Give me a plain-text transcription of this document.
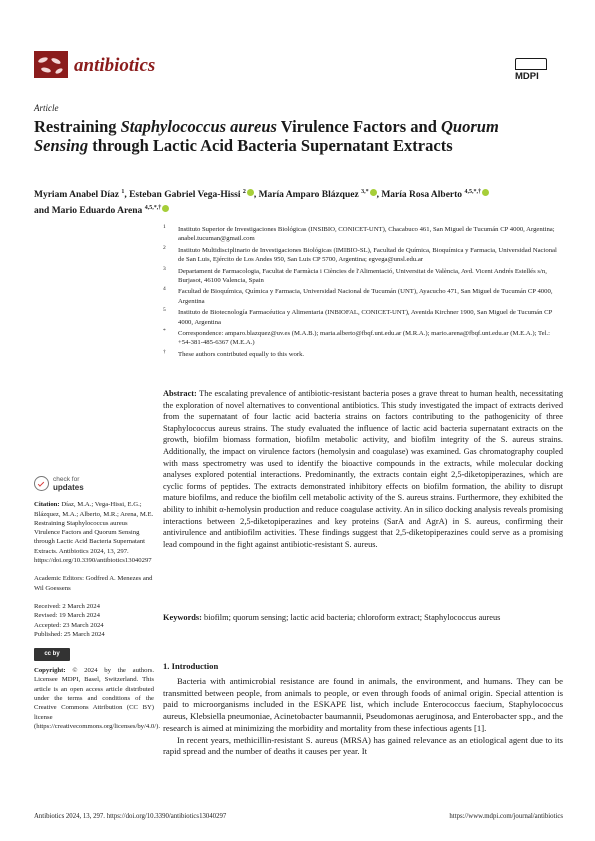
antibiotics

MDPI
Article
Restraining Staphylococcus aureus Virulence Factors and Quorum Sensing through Lactic Acid Bacteria Supernatant Extracts
Myriam Anabel Díaz $^1$, Esteban Gabriel Vega-Hissi $^2$ , María Amparo Blázquez $^{3,*}$ , María Rosa Alberto $^{4,5,*,\dagger}$
and Mario Eduardo Arena $^{4,5,*,\dagger}$
1 Instituto Superior de Investigaciones Biológicas (INSIBIO, CONICET-UNT), Chacabuco 461, San Miguel de Tucumán CP 4000, Argentina; anabel.tucuman@gmail.com
2 Instituto Multidisciplinario de Investigaciones Biológicas (IMIBIO-SL), Facultad de Química, Bioquímica y Farmacia, Universidad Nacional de San Luis, Ejército de Los Andes 950, San Luis CP 5700, Argentina; egvega@unsl.edu.ar
3 Departament de Farmacologia, Facultat de Farmàcia i Ciències de l'Alimentació, Universitat de València, Avd. Vicent Andrés Estellés s/n, Burjasot, 46100 Valencia, Spain
4 Facultad de Bioquímica, Química y Farmacia, Universidad Nacional de Tucumán (UNT), Ayacucho 471, San Miguel de Tucumán CP 4000, Argentina
5 Instituto de Biotecnología Farmacéutica y Alimentaria (INBIOFAL, CONICET-UNT), Avenida Kirchner 1900, San Miguel de Tucumán CP 4000, Argentina
* Correspondence: amparo.blazquez@uv.es (M.A.B.); maria.alberto@fbqf.unt.edu.ar (M.R.A.); mario.arena@fbqf.unt.edu.ar (M.E.A.); Tel.: +54-381-485-6367 (M.E.A.)
† These authors contributed equally to this work.
Abstract: The escalating prevalence of antibiotic-resistant bacteria poses a grave threat to human health, necessitating the exploration of novel alternatives to conventional antibiotics. This study investigated the impact of extracts derived from the supernatant of four lactic acid bacteria strains on factors contributing to the pathogenicity of three Staphylococcus aureus strains. The study evaluated the influence of lactic acid bacteria supernatant extracts on the growth, biofilm biomass formation, biofilm metabolic activity, and biofilm integrity of the S. aureus strains. Additionally, the impact on virulence factors (hemolysin and coagulase) was examined. Gas chromatography coupled with mass spectrometry was used to identify the bioactive compounds in the extracts, while molecular docking analyses explored potential interactions. Predominantly, the extracts contain eight 2,5-diketopiperazines, which are cyclic forms of peptides. The extracts demonstrated inhibitory effects on biofilm formation, the ability to disrupt mature biofilms, and reduce the biofilm cell metabolic activity of the S. aureus strains. Furthermore, they exhibited the ability to inhibit α-hemolysin production and reduce coagulase activity. An in silico docking analysis reveals promising interactions between 2,5-diketopiperazines and key proteins (SarA and AgrA) in S. aureus, confirming their antivirulence and antibiofilm activities. These findings suggest that 2,5-diketopiperazines could serve as a promising lead compound in the fight against antibiotic-resistant S. aureus.
Keywords: biofilm; quorum sensing; lactic acid bacteria; chloroform extract; Staphylococcus aureus
check for
updates
Citation: Díaz, M.A.; Vega-Hissi, E.G.; Blázquez, M.A.; Alberto, M.R.; Arena, M.E. Restraining Staphylococcus aureus Virulence Factors and Quorum Sensing through Lactic Acid Bacteria Supernatant Extracts. Antibiotics 2024, 13, 297. https://doi.org/10.3390/antibiotics13040297
Academic Editors: Godfred A. Menezes and Wil Goessens
Received: 2 March 2024
Revised: 19 March 2024
Accepted: 23 March 2024
Published: 25 March 2024
cc by
Copyright: © 2024 by the authors. Licensee MDPI, Basel, Switzerland. This article is an open access article distributed under the terms and conditions of the Creative Commons Attribution (CC BY) license (https://creativecommons.org/licenses/by/4.0/).
1. Introduction

Bacteria with antimicrobial resistance are found in animals, the environment, and humans. They can be transmitted between people, from animals to people, or even through foods of animal origin. Special attention is paid to microorganisms included in the ESKAPE list, which include Enterococcus faecium, Staphylococcus aureus, Klebsiella pneumoniae, Acinetobacter baumannii, Pseudomonas aeruginosa, and Enterobacter spp., and the research is aimed at minimizing the morbidity and mortality from these infectious agents [1].

In recent years, methicillin-resistant S. aureus (MRSA) has gained relevance as an etiological agent due to its rapid spread and the number of deaths it causes per year. It

Antibiotics 2024, 13, 297. https://doi.org/10.3390/antibiotics13040297	https://www.mdpi.com/journal/antibiotics
